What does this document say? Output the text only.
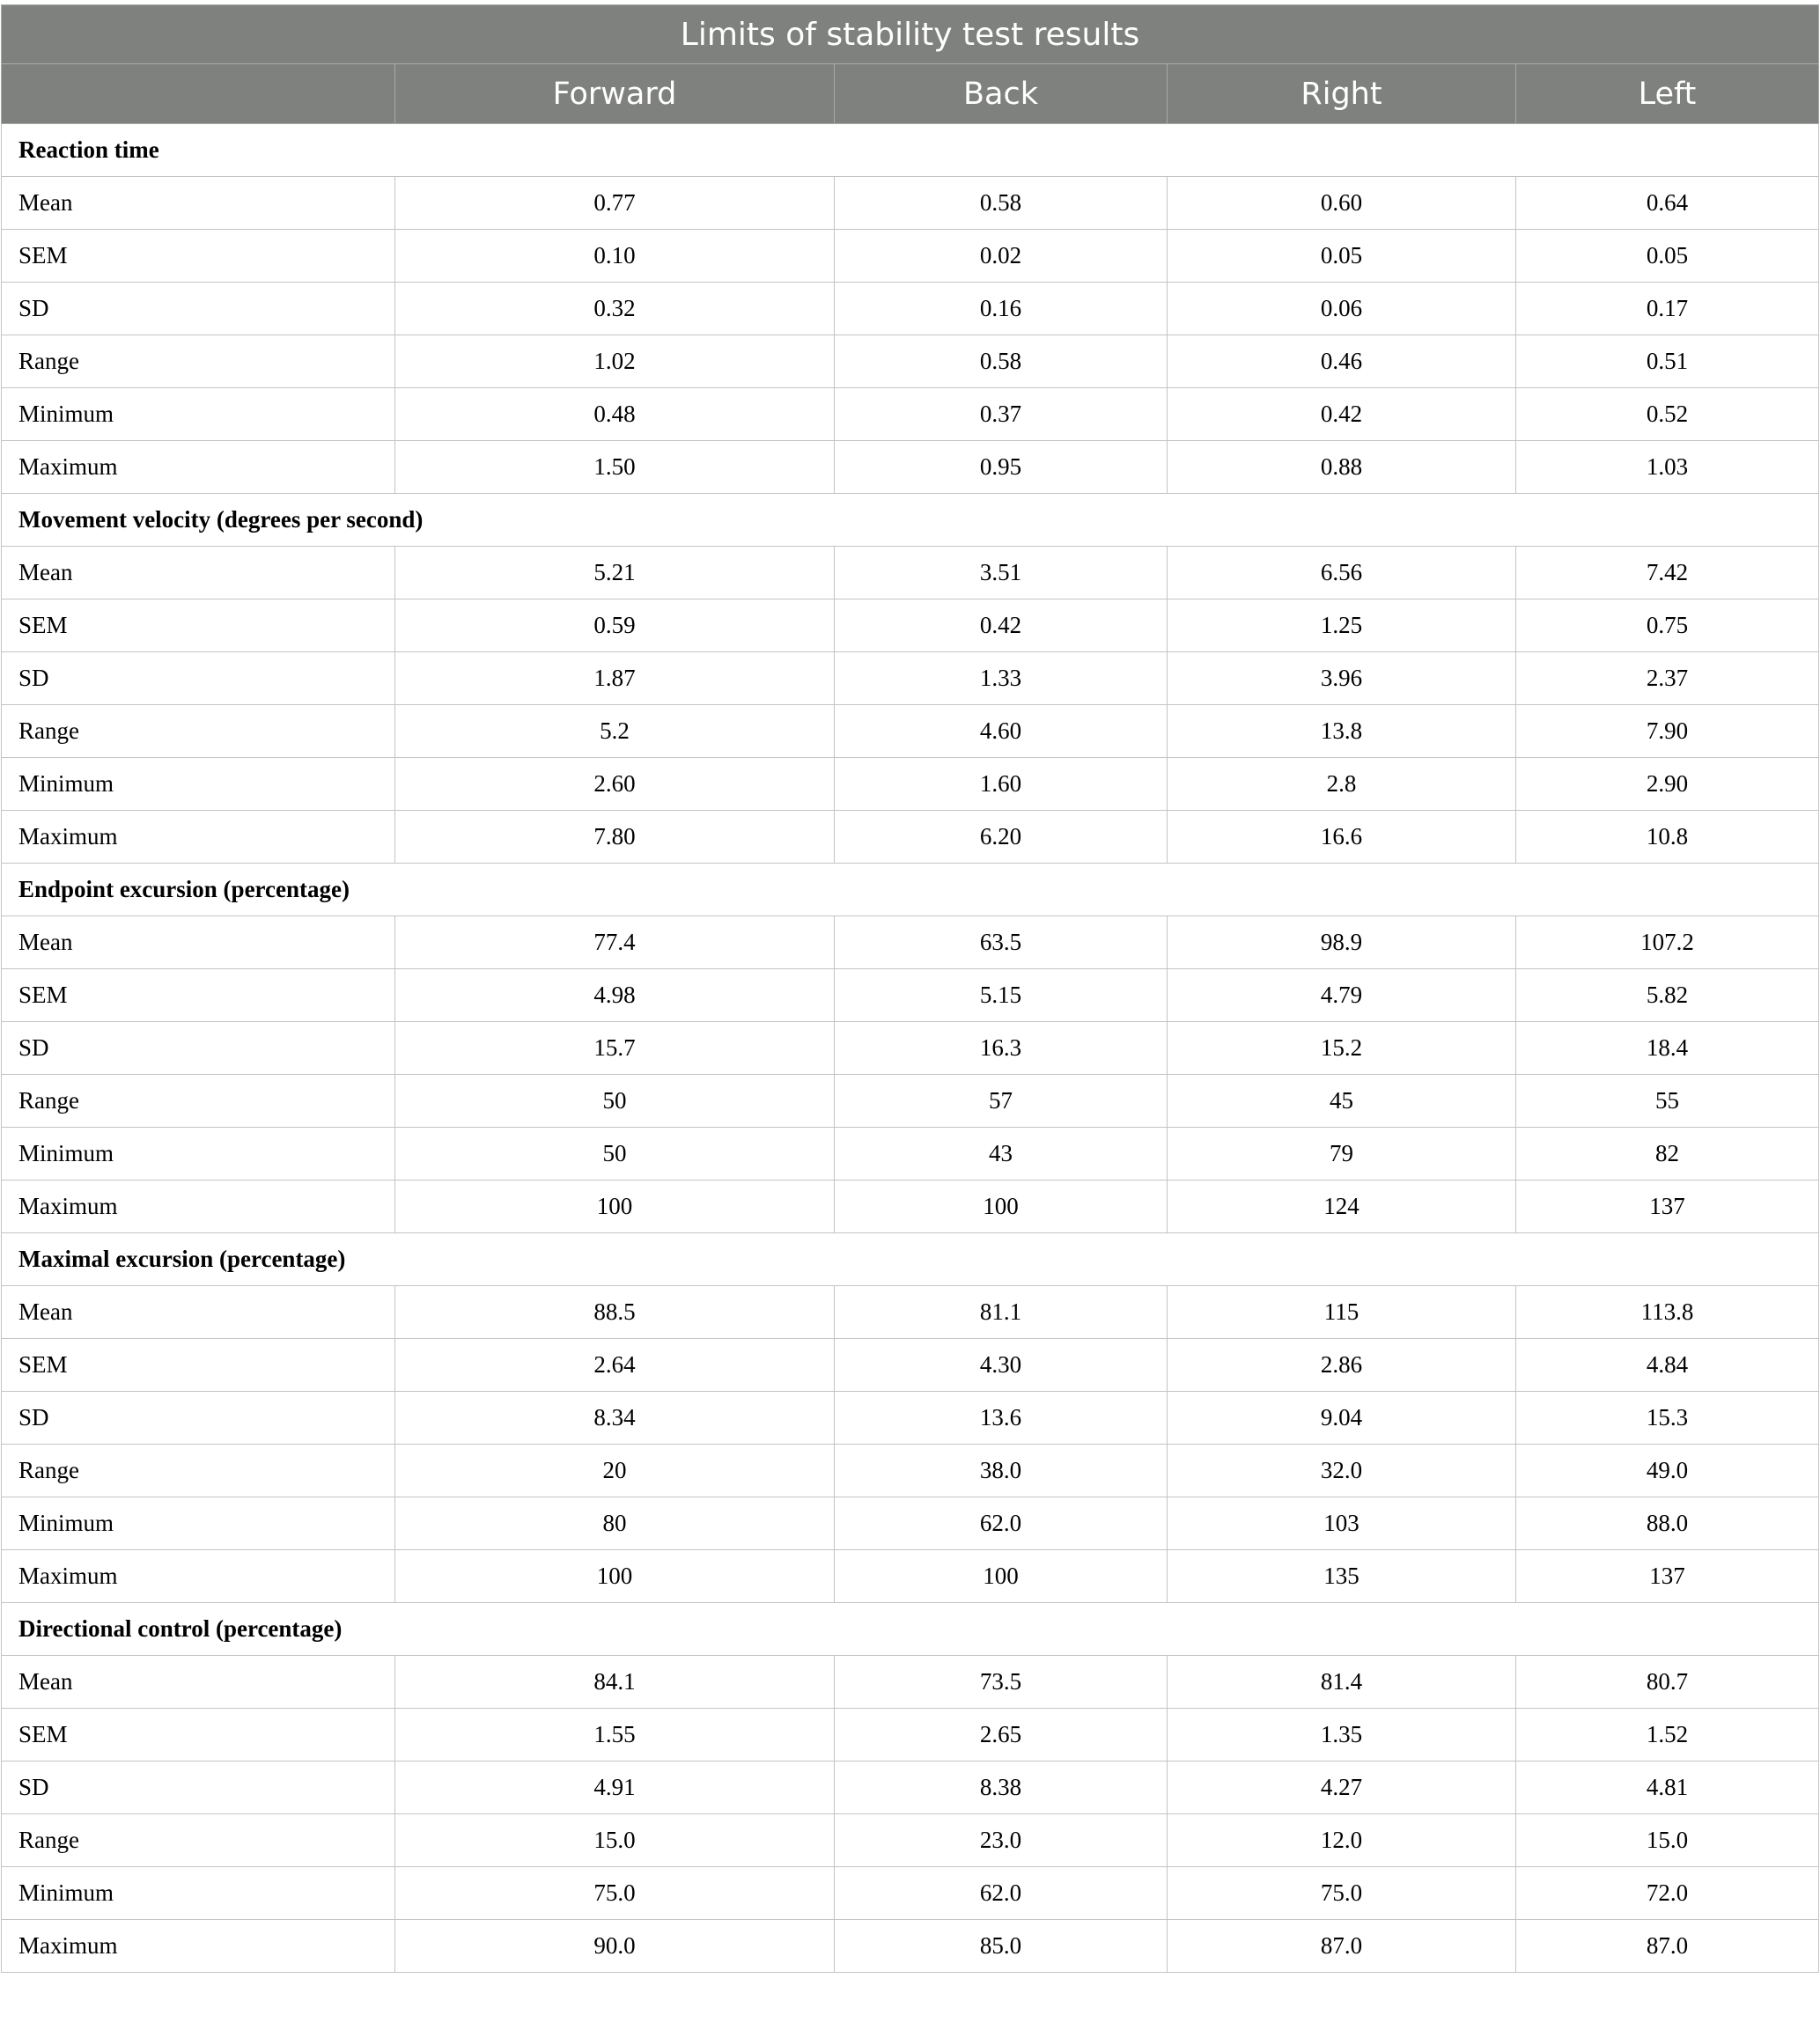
Limits of stability test results				
	Forward	Back	Right	Left
Reaction time				
Mean	0.77	0.58	0.60	0.64
SEM	0.10	0.02	0.05	0.05
SD	0.32	0.16	0.06	0.17
Range	1.02	0.58	0.46	0.51
Minimum	0.48	0.37	0.42	0.52
Maximum	1.50	0.95	0.88	1.03
Movement velocity (degrees per second)				
Mean	5.21	3.51	6.56	7.42
SEM	0.59	0.42	1.25	0.75
SD	1.87	1.33	3.96	2.37
Range	5.2	4.60	13.8	7.90
Minimum	2.60	1.60	2.8	2.90
Maximum	7.80	6.20	16.6	10.8
Endpoint excursion (percentage)				
Mean	77.4	63.5	98.9	107.2
SEM	4.98	5.15	4.79	5.82
SD	15.7	16.3	15.2	18.4
Range	50	57	45	55
Minimum	50	43	79	82
Maximum	100	100	124	137
Maximal excursion (percentage)				
Mean	88.5	81.1	115	113.8
SEM	2.64	4.30	2.86	4.84
SD	8.34	13.6	9.04	15.3
Range	20	38.0	32.0	49.0
Minimum	80	62.0	103	88.0
Maximum	100	100	135	137
Directional control (percentage)				
Mean	84.1	73.5	81.4	80.7
SEM	1.55	2.65	1.35	1.52
SD	4.91	8.38	4.27	4.81
Range	15.0	23.0	12.0	15.0
Minimum	75.0	62.0	75.0	72.0
Maximum	90.0	85.0	87.0	87.0
